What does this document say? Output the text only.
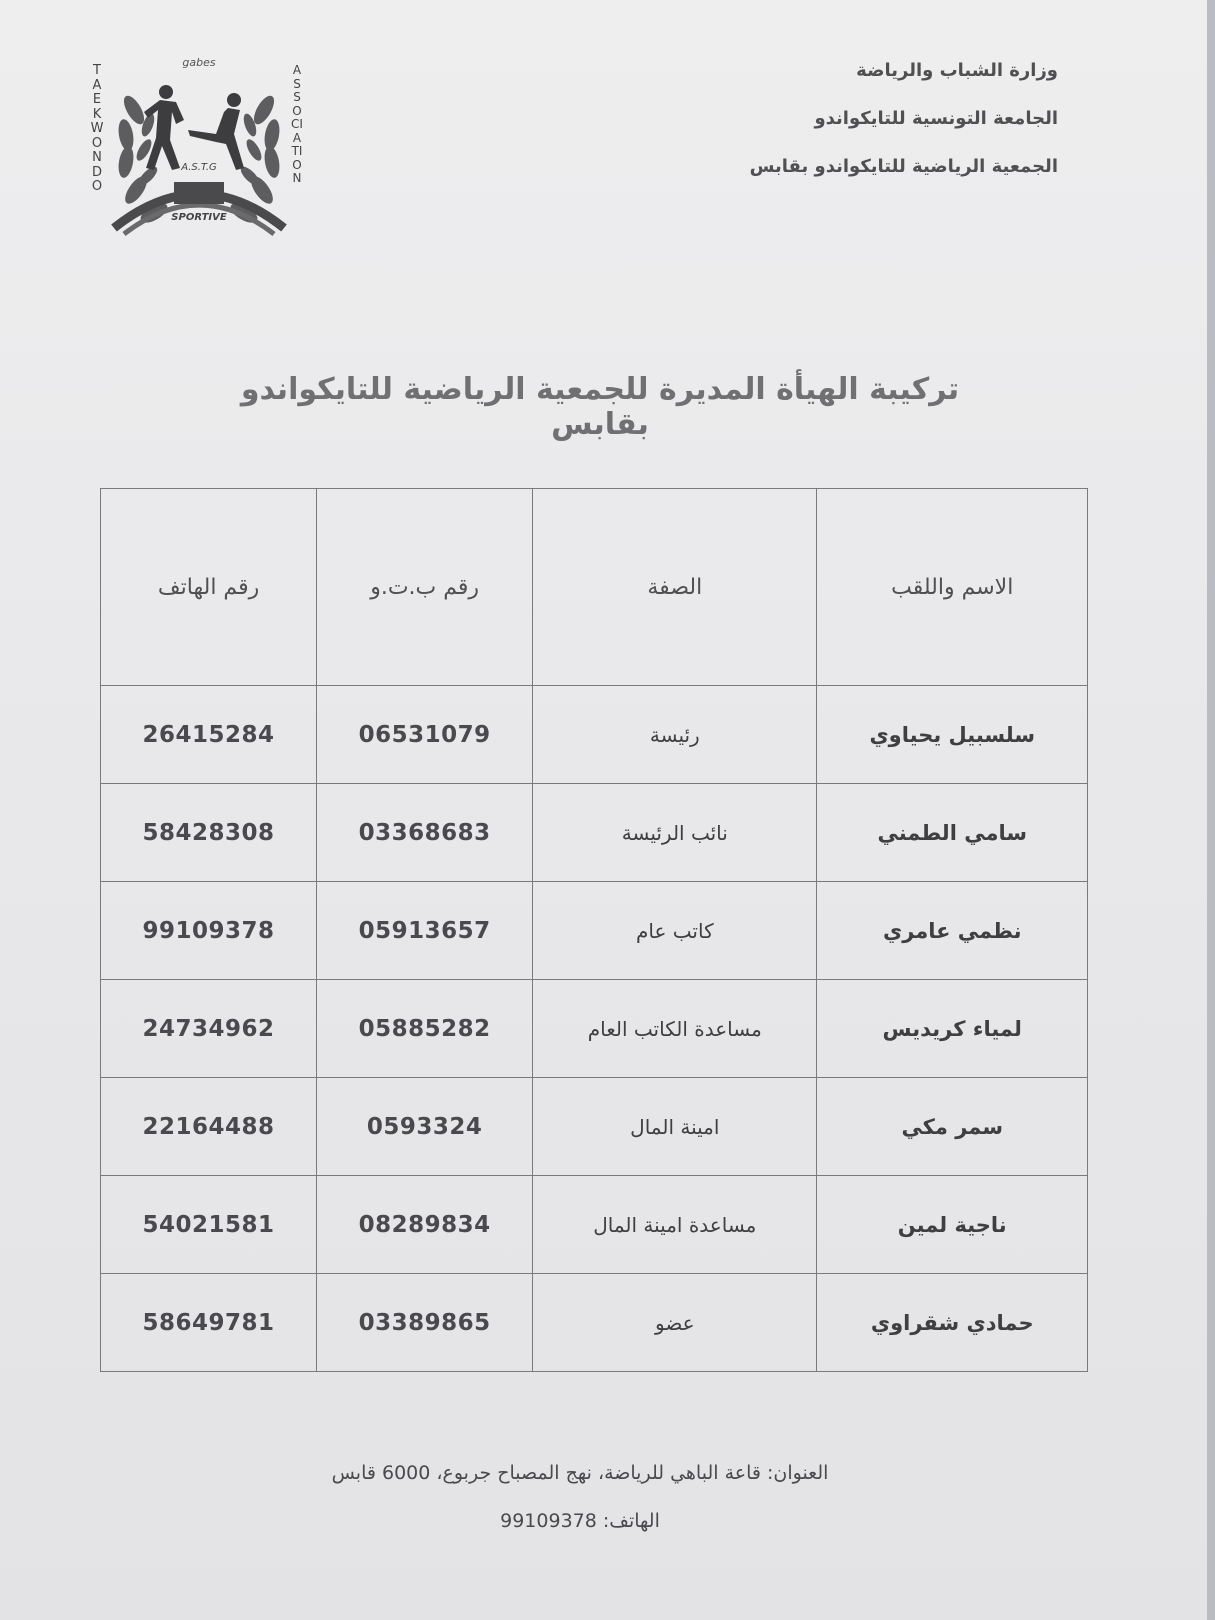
TAEKWONDO
ASSOCIATION
gabes
A.S.T.G
SPORTIVE
وزارة الشباب والرياضة
الجامعة التونسية للتايكواندو
الجمعية الرياضية للتايكواندو بقابس
تركيبة الهيأة المديرة للجمعية الرياضية للتايكواندو بقابس
الاسم واللقب	الصفة	رقم ب.ت.و	رقم الهاتف
سلسبيل يحياوي	رئيسة	06531079	26415284
سامي الطمني	نائب الرئيسة	03368683	58428308
نظمي عامري	كاتب عام	05913657	99109378
لمياء كريديس	مساعدة الكاتب العام	05885282	24734962
سمر مكي	امينة المال	0593324	22164488
ناجية لمين	مساعدة امينة المال	08289834	54021581
حمادي شقراوي	عضو	03389865	58649781
العنوان: قاعة الباهي للرياضة، نهج المصباح جربوع، 6000 قابس
الهاتف: 99109378
